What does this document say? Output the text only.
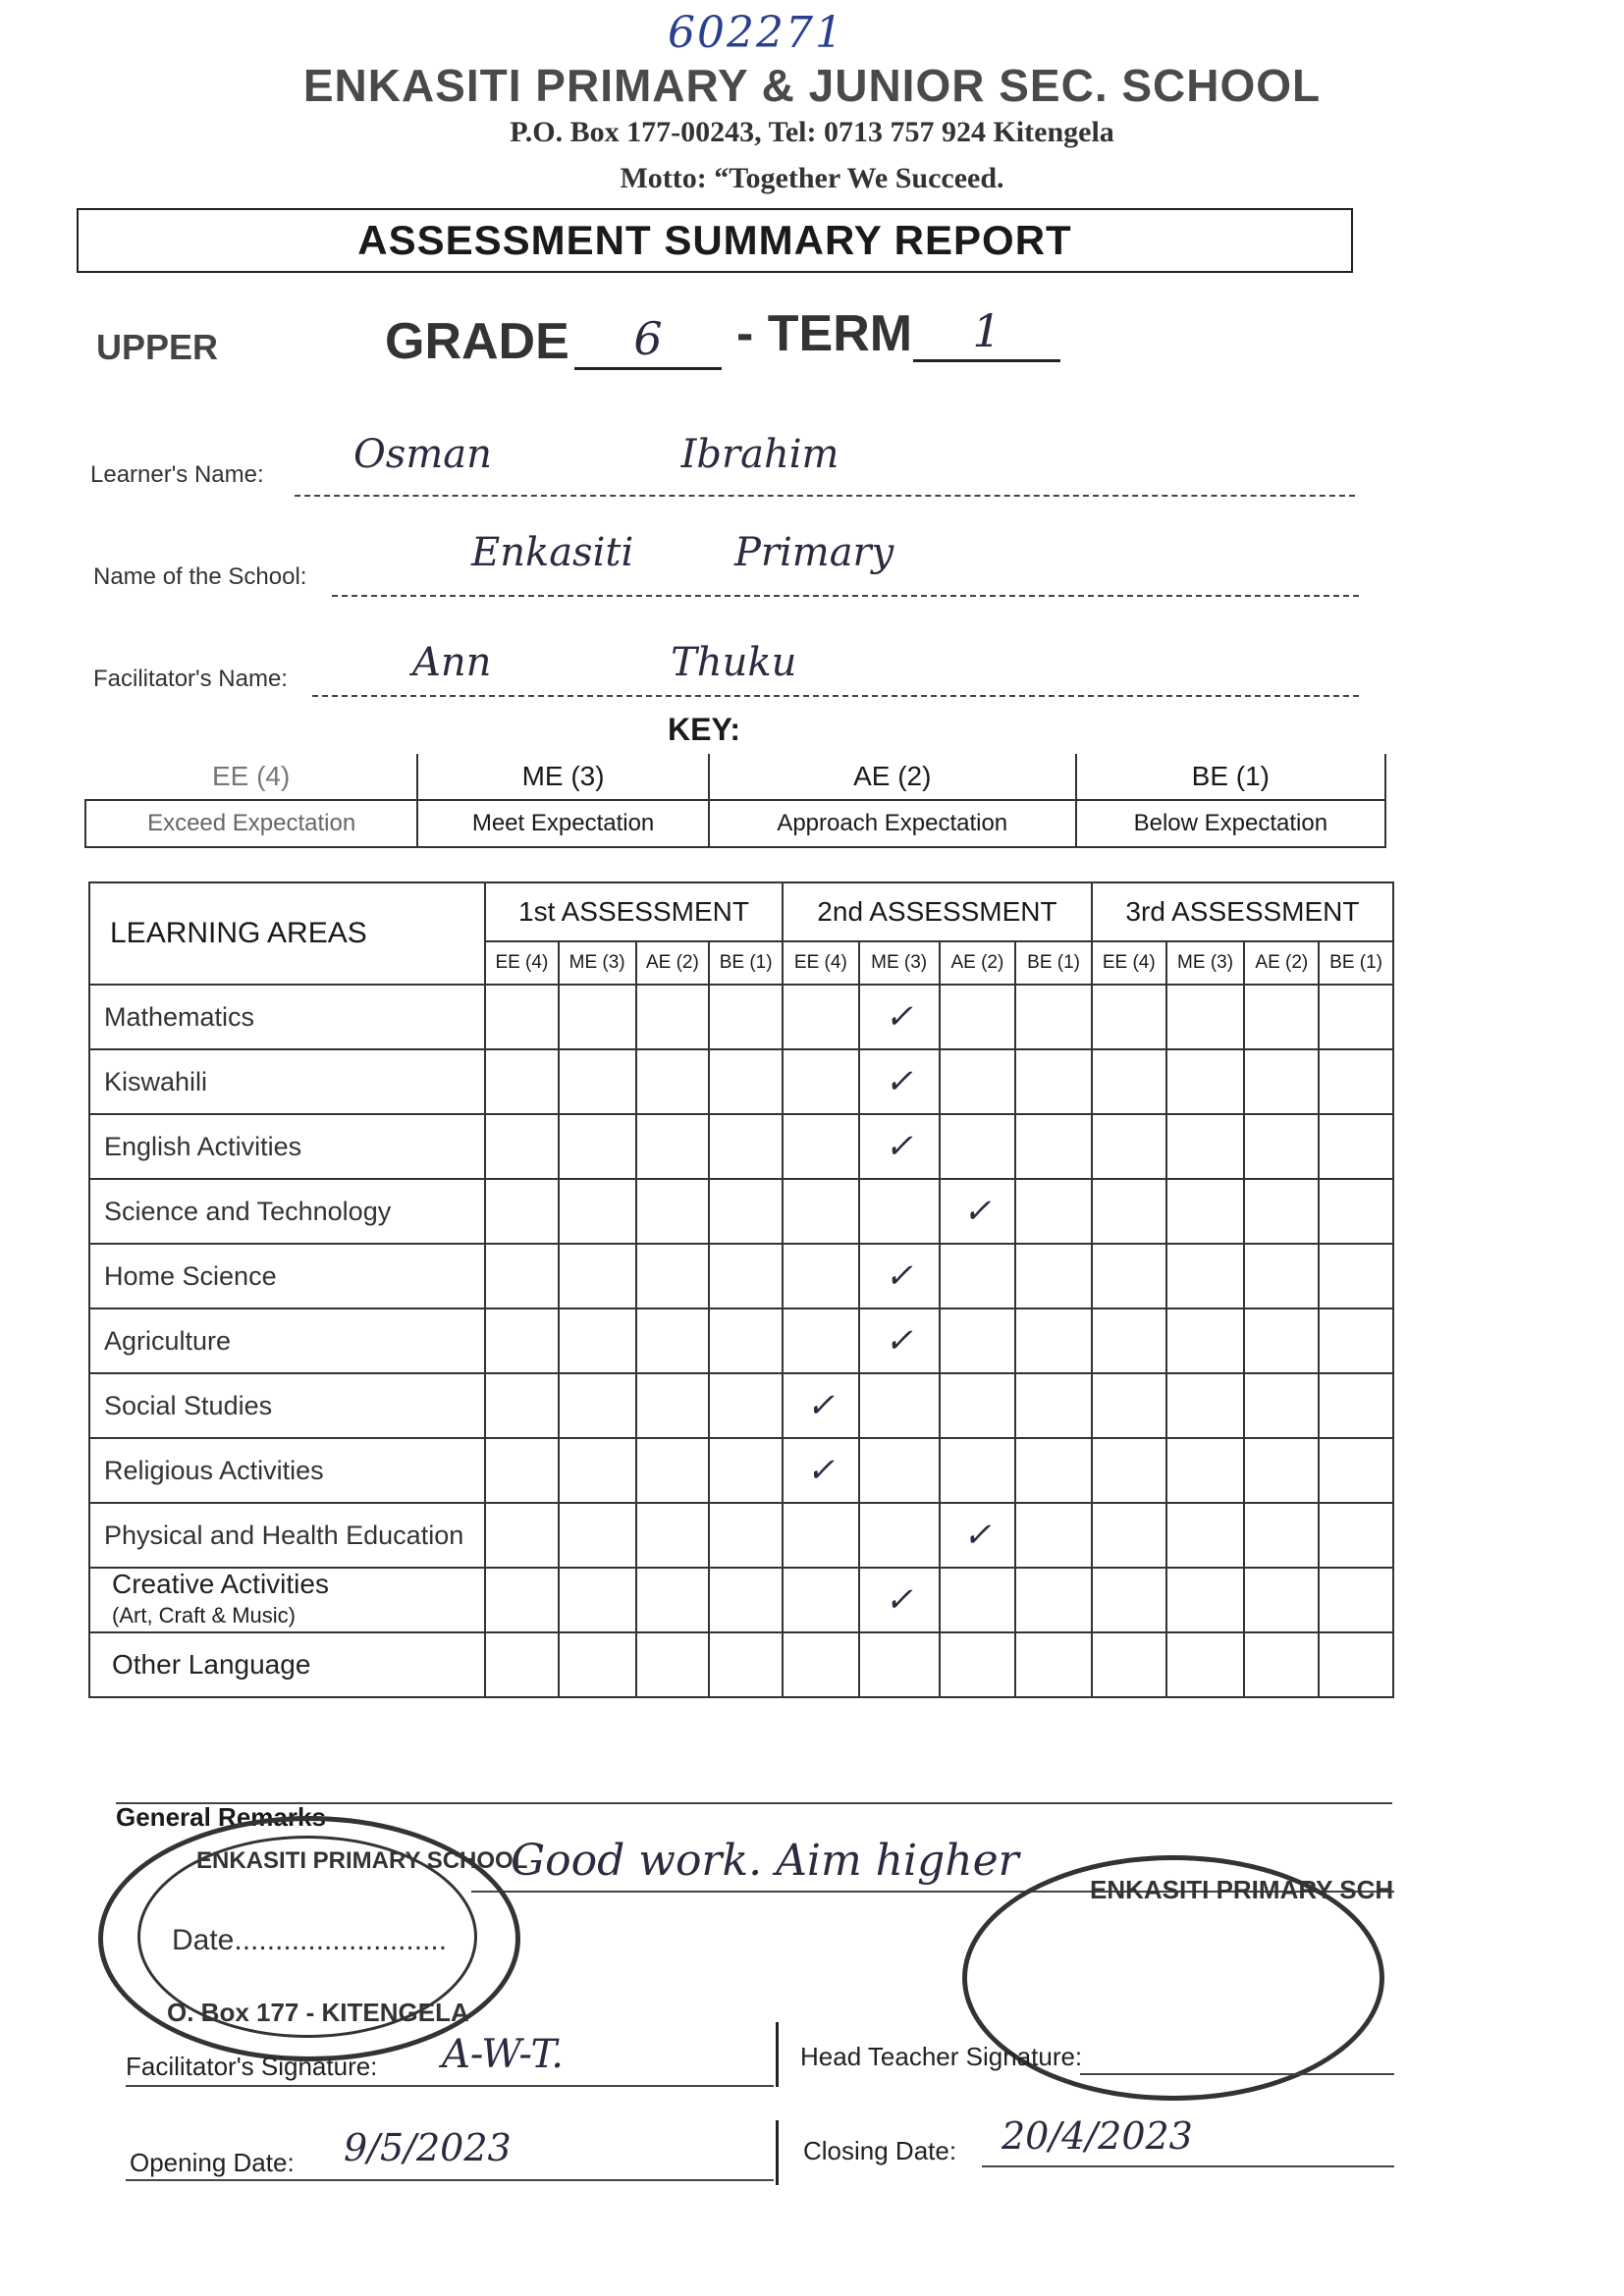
602271
ENKASITI PRIMARY & JUNIOR SEC. SCHOOL
P.O. Box 177-00243, Tel: 0713 757 924 Kitengela
Motto: “Together We Succeed.
ASSESSMENT SUMMARY REPORT
UPPER	GRADE	6	- TERM	1
Learner's Name: Osman Ibrahim
Name of the School:
Enkasiti Primary
Facilitator's Name:	Ann Thuku
KEY:
EE (4)	ME (3)	AE (2)	BE (1)
Exceed Expectation	Meet Expectation	Approach Expectation	Below Expectation
LEARNING AREAS	1st ASSESSMENT				2nd ASSESSMENT				3rd ASSESSMENT			
	EE (4)	ME (3)	AE (2)	BE (1)	EE (4)	ME (3)	AE (2)	BE (1)	EE (4)	ME (3)	AE (2)	BE (1)
Mathematics						✓						
Kiswahili						✓						
English Activities						✓						
Science and Technology							✓					
Home Science						✓						
Agriculture						✓						
Social Studies					✓							
Religious Activities					✓							
Physical and Health Education							✓					

Creative Activities
(Art, Craft & Music)						✓						
Other Language												
General Remarks
Good work. Aim higher
ENKASITI PRIMARY SCHOOL
Date..........................
O. Box 177 - KITENGELA
ENKASITI PRIMARY SCH
Facilitator's Signature: A-W-T.	Head Teacher Signature:
Opening Date: 9/5/2023	Closing Date: 20/4/2023
